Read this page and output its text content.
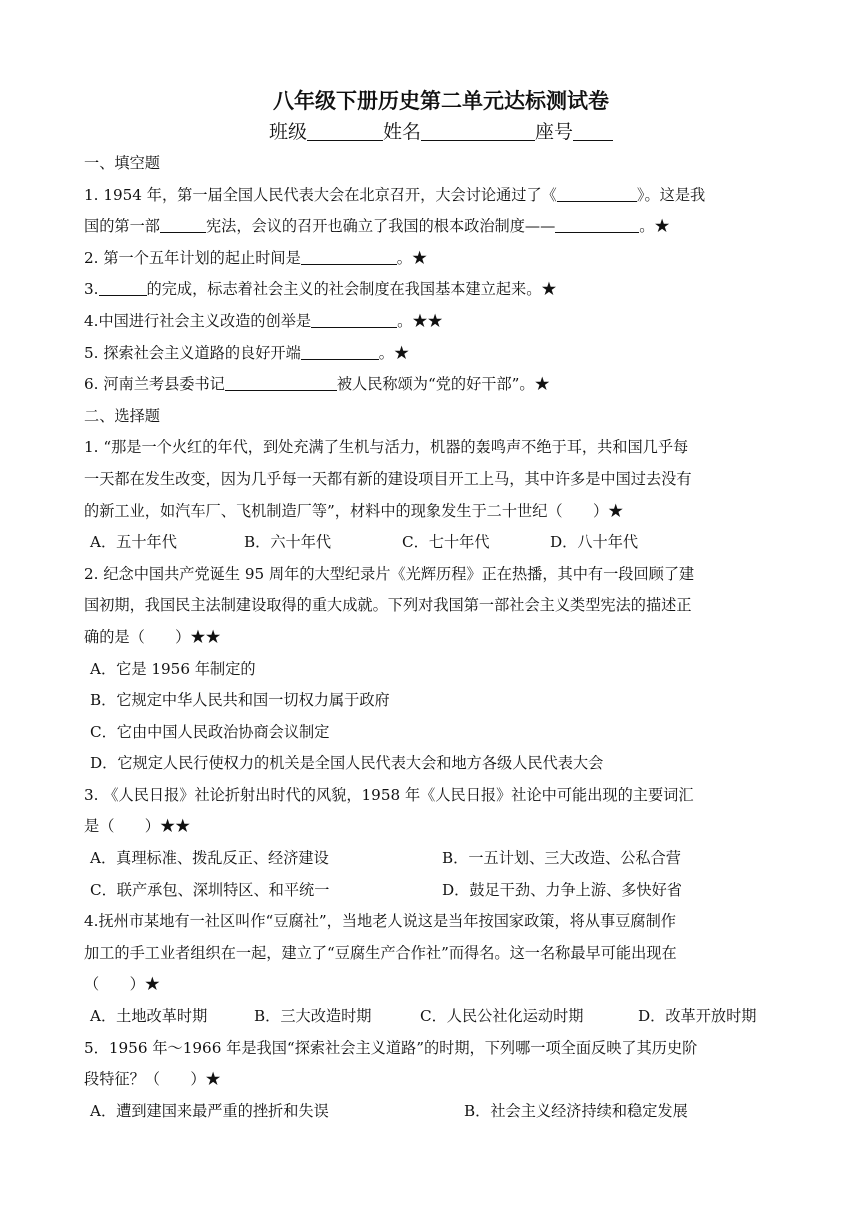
八年级下册历史第二单元达标测试卷
班级	姓名	座号
一、填空题
1. 1954 年，第一届全国人民代表大会在北京召开，大会讨论通过了《	》。这是我
国的第一部	宪法，会议的召开也确立了我国的根本政治制度——	。★
2. 第一个五年计划的起止时间是	。★
3.	的完成，标志着社会主义的社会制度在我国基本建立起来。★
4.中国进行社会主义改造的创举是	。★★
5. 探索社会主义道路的良好开端	。★
6. 河南兰考县委书记	被人民称颂为“党的好干部”。★
二、选择题
1. “那是一个火红的年代，到处充满了生机与活力，机器的轰鸣声不绝于耳，共和国几乎每
一天都在发生改变，因为几乎每一天都有新的建设项目开工上马，其中许多是中国过去没有
的新工业，如汽车厂、飞机制造厂等”，材料中的现象发生于二十世纪（　　）★
A．五十年代	B．六十年代	C．七十年代	D．八十年代
2. 纪念中国共产党诞生 95 周年的大型纪录片《光辉历程》正在热播，其中有一段回顾了建
国初期，我国民主法制建设取得的重大成就。下列对我国第一部社会主义类型宪法的描述正
确的是（　　）★★
A．它是 1956 年制定的
B．它规定中华人民共和国一切权力属于政府
C．它由中国人民政治协商会议制定
D．它规定人民行使权力的机关是全国人民代表大会和地方各级人民代表大会
3. 《人民日报》社论折射出时代的风貌，1958 年《人民日报》社论中可能出现的主要词汇
是（　　）★★
A．真理标准、拨乱反正、经济建设	B．一五计划、三大改造、公私合营
C．联产承包、深圳特区、和平统一	D．鼓足干劲、力争上游、多快好省
4.抚州市某地有一社区叫作“豆腐社”，当地老人说这是当年按国家政策，将从事豆腐制作
加工的手工业者组织在一起，建立了“豆腐生产合作社”而得名。这一名称最早可能出现在
（　　）★
A．土地改革时期	B．三大改造时期	C．人民公社化运动时期	D．改革开放时期
5．1956 年～1966 年是我国“探索社会主义道路”的时期，下列哪一项全面反映了其历史阶
段特征？（　　）★
A．遭到建国来最严重的挫折和失误	B．社会主义经济持续和稳定发展
